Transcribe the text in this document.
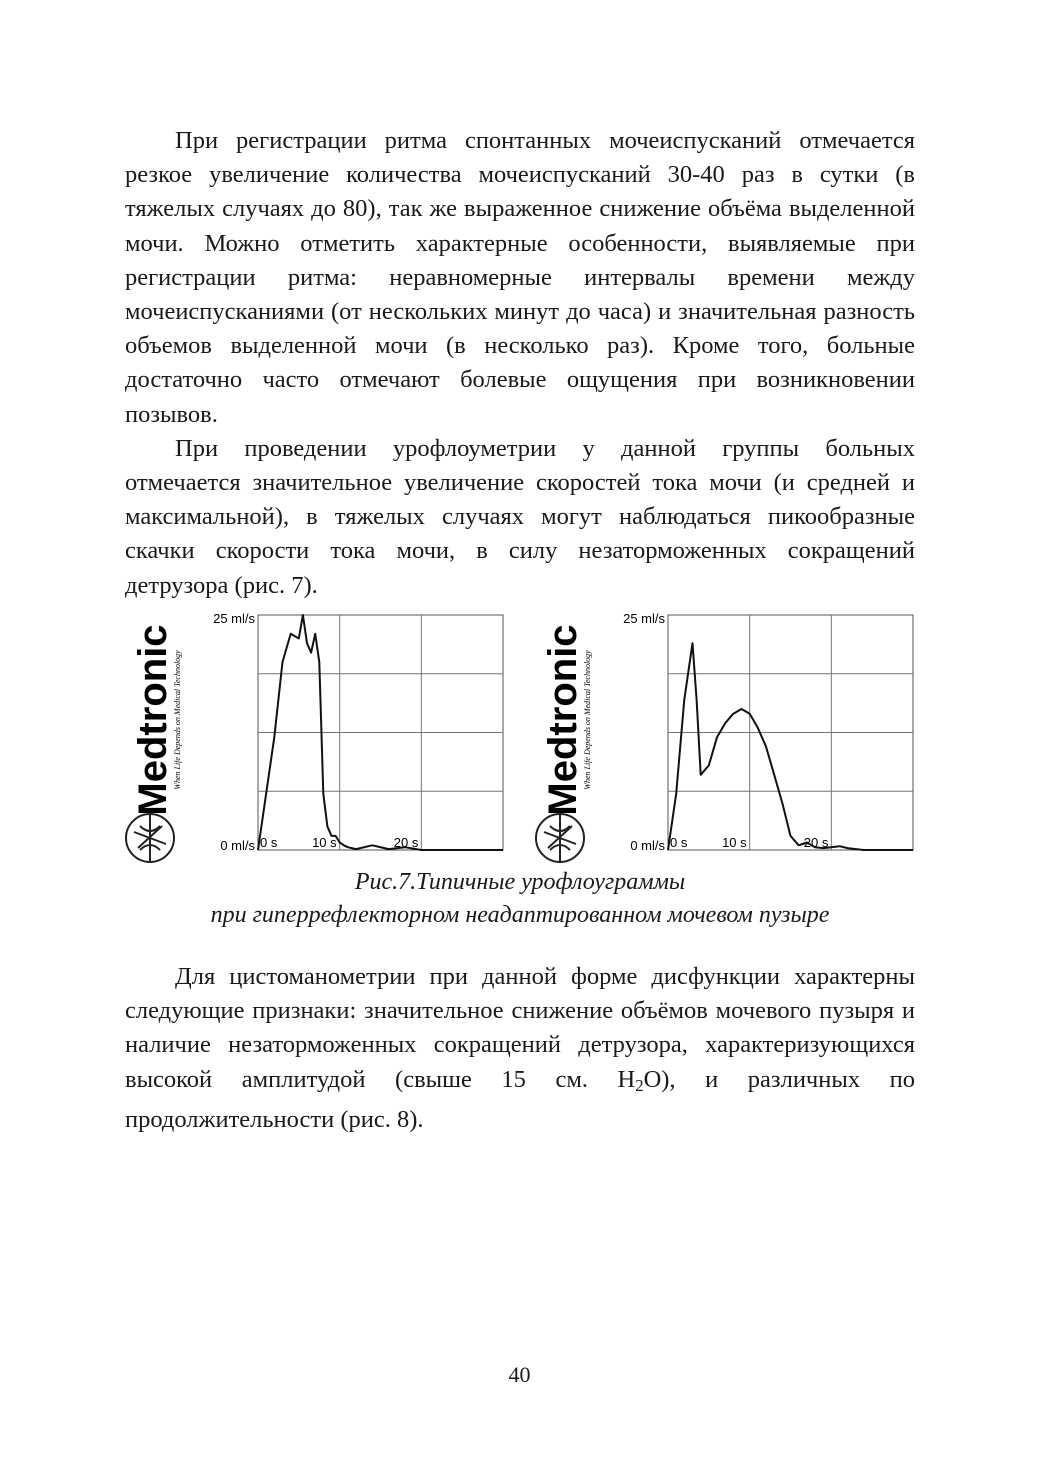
При регистрации ритма спонтанных мочеиспусканий отмечается резкое увеличение количества мочеиспусканий 30-40 раз в сутки (в тяжелых случаях до 80), так же выраженное снижение объёма выделенной мочи. Можно отметить характерные особенности, выявляемые при регистрации ритма: неравномерные интервалы времени между мочеиспусканиями (от нескольких минут до часа) и значительная разность объемов выделенной мочи (в несколько раз). Кроме того, больные достаточно часто отмечают болевые ощущения при возникновении позывов.

При проведении урофлоуметрии у данной группы больных отмечается значительное увеличение скоростей тока мочи (и средней и максимальной), в тяжелых случаях могут наблюдаться пикообразные скачки скорости тока мочи, в силу незаторможенных сокращений детрузора (рис. 7).

Medtronic
When Life Depends on Medical Technology
25 ml/s
0 ml/s 0 s	10 s	20 s
Medtronic
When Life Depends on Medical Technology
25 ml/s
0 ml/s 0 s	10 s	20 s
Рис.7.Типичные урофлоуграммы
при гиперрефлекторном неадаптированном мочевом пузыре

Для цистоманометрии при данной форме дисфункции характерны следующие признаки: значительное снижение объёмов мочевого пузыря и наличие незаторможенных сокращений детрузора, характеризующихся высокой амплитудой (свыше 15 см. $H_2O$), и различных по продолжительности (рис. 8).

40
